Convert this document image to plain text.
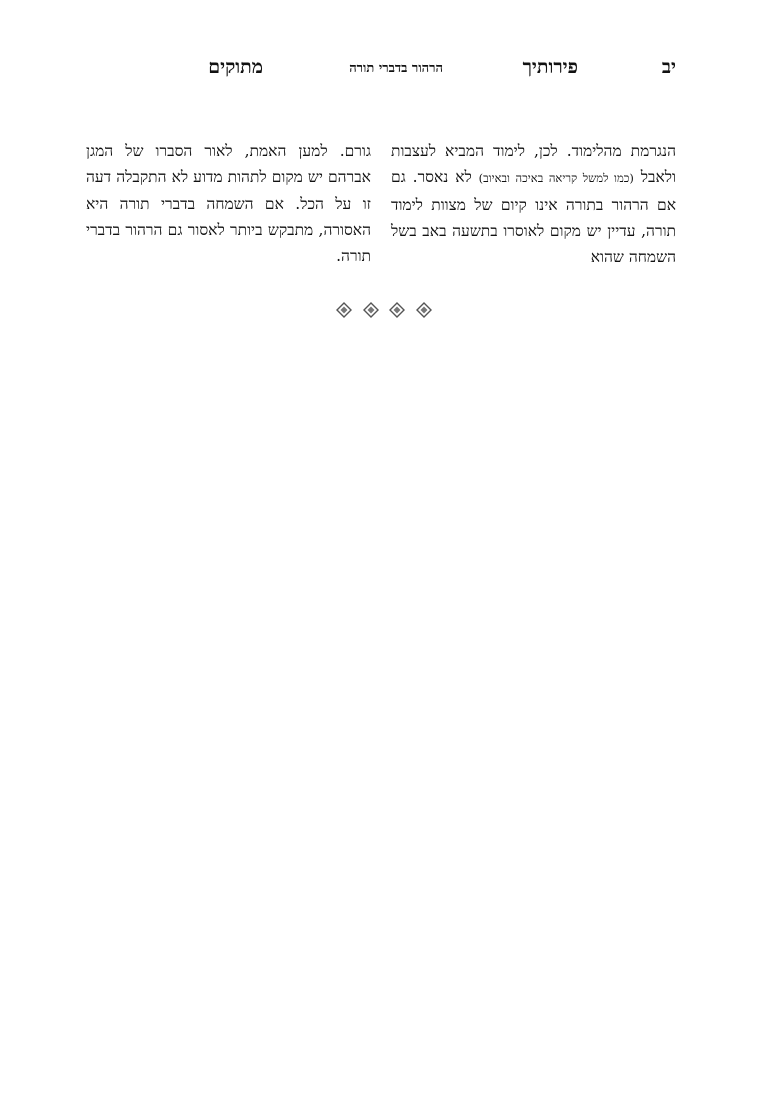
יב
פירותיך
הרהור בדברי תורה
מתוקים

הנגרמת מהלימוד. לכן, לימוד המביא לעצבות ולאבל (כמו למשל קריאה באיכה ובאיוב) לא נאסר. גם אם הרהור בתורה אינו קיום של מצוות לימוד תורה, עדיין יש מקום לאוסרו בתשעה באב בשל השמחה שהוא

גורם. למען האמת, לאור הסברו של המגן אברהם יש מקום לתהות מדוע לא התקבלה דעה זו על הכל. אם השמחה בדברי תורה היא האסורה, מתבקש ביותר לאסור גם הרהור בדברי תורה.
